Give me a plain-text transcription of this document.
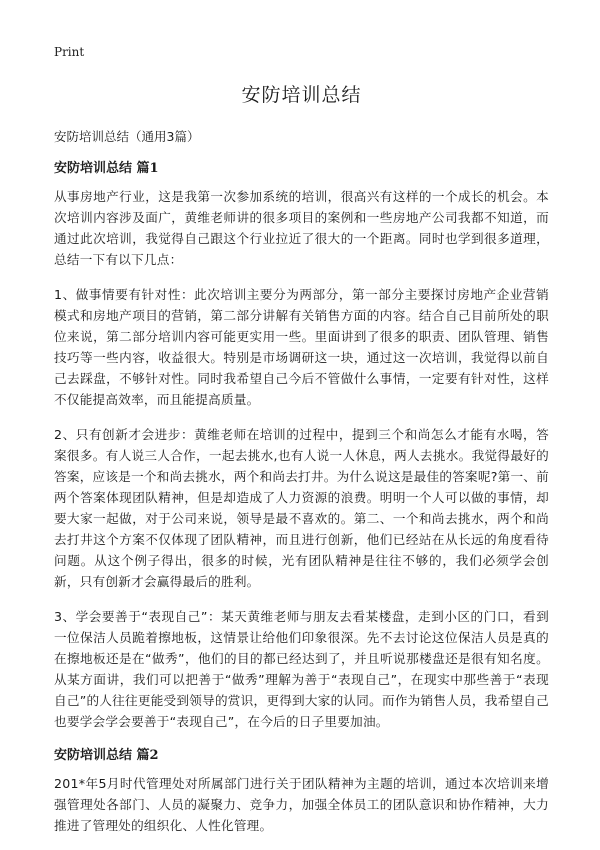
Print
安防培训总结
安防培训总结（通用3篇）
安防培训总结 篇1

从事房地产行业，这是我第一次参加系统的培训，很高兴有这样的一个成长的机会。本次培训内容涉及面广，黄维老师讲的很多项目的案例和一些房地产公司我都不知道，而通过此次培训，我觉得自己跟这个行业拉近了很大的一个距离。同时也学到很多道理，总结一下有以下几点：

1、做事情要有针对性：此次培训主要分为两部分，第一部分主要探讨房地产企业营销模式和房地产项目的营销，第二部分讲解有关销售方面的内容。结合自己目前所处的职位来说，第二部分培训内容可能更实用一些。里面讲到了很多的职责、团队管理、销售技巧等一些内容，收益很大。特别是市场调研这一块，通过这一次培训，我觉得以前自己去踩盘，不够针对性。同时我希望自己今后不管做什么事情，一定要有针对性，这样不仅能提高效率，而且能提高质量。

2、只有创新才会进步：黄维老师在培训的过程中，提到三个和尚怎么才能有水喝，答案很多。有人说三人合作，一起去挑水,也有人说一人休息，两人去挑水。我觉得最好的答案，应该是一个和尚去挑水，两个和尚去打井。为什么说这是最佳的答案呢?第一、前两个答案体现团队精神，但是却造成了人力资源的浪费。明明一个人可以做的事情，却要大家一起做，对于公司来说，领导是最不喜欢的。第二、一个和尚去挑水，两个和尚去打井这个方案不仅体现了团队精神，而且进行创新，他们已经站在从长远的角度看待问题。从这个例子得出，很多的时候，光有团队精神是往往不够的，我们必须学会创新，只有创新才会赢得最后的胜利。

3、学会要善于“表现自己”：某天黄维老师与朋友去看某楼盘，走到小区的门口，看到一位保洁人员跪着擦地板，这情景让给他们印象很深。先不去讨论这位保洁人员是真的在擦地板还是在“做秀”，他们的目的都已经达到了，并且听说那楼盘还是很有知名度。从某方面讲，我们可以把善于“做秀”理解为善于“表现自己”，在现实中那些善于“表现自己”的人往往更能受到领导的赏识，更得到大家的认同。而作为销售人员，我希望自己也要学会学会要善于“表现自己”，在今后的日子里要加油。

安防培训总结 篇2

201*年5月时代管理处对所属部门进行关于团队精神为主题的培训，通过本次培训来增强管理处各部门、人员的凝聚力、竞争力，加强全体员工的团队意识和协作精神，大力推进了管理处的组织化、人性化管理。
